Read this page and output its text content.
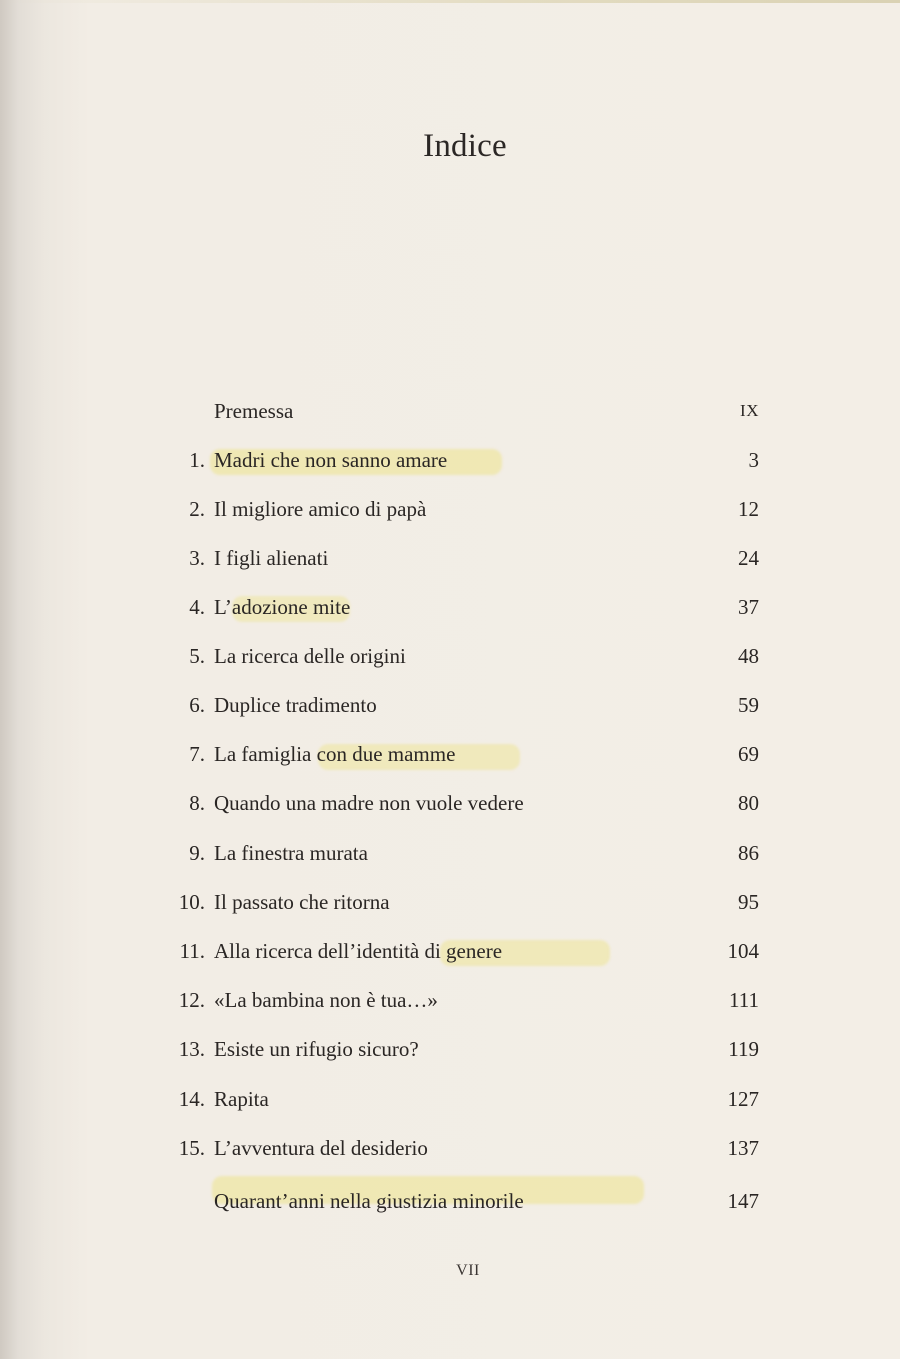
Indice
Premessa	IX
1. Madri che non sanno amare	3
2. Il migliore amico di papà	12
3. I figli alienati	24
4. L’adozione mite	37
5. La ricerca delle origini	48
6. Duplice tradimento	59
7. La famiglia con due mamme	69
8. Quando una madre non vuole vedere	80
9. La finestra murata	86
10. Il passato che ritorna	95
11. Alla ricerca dell’identità di genere	104
12. «La bambina non è tua…»	111
13. Esiste un rifugio sicuro?	119
14. Rapita	127
15. L’avventura del desiderio	137
Quarant’anni nella giustizia minorile	147
VII
